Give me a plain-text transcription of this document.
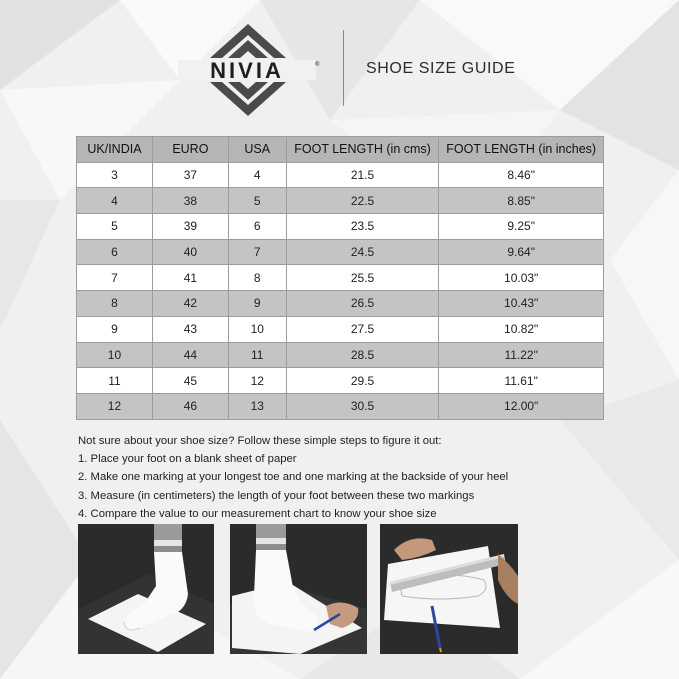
NIVIA	®	SHOE SIZE GUIDE
UK/INDIA	EURO	USA	FOOT LENGTH (in cms)	FOOT LENGTH (in inches)
3	37	4	21.5	8.46"
4	38	5	22.5	8.85"
5	39	6	23.5	9.25"
6	40	7	24.5	9.64"
7	41	8	25.5	10.03"
8	42	9	26.5	10.43"
9	43	10	27.5	10.82"
10	44	11	28.5	11.22"
11	45	12	29.5	11.61"
12	46	13	30.5	12.00"
Not sure about your shoe size? Follow these simple steps to figure it out:
1. Place your foot on a blank sheet of paper
2. Make one marking at your longest toe and one marking at the backside of your heel
3. Measure (in centimeters) the length of your foot between these two markings
4. Compare the value to our measurement chart to know your shoe size
